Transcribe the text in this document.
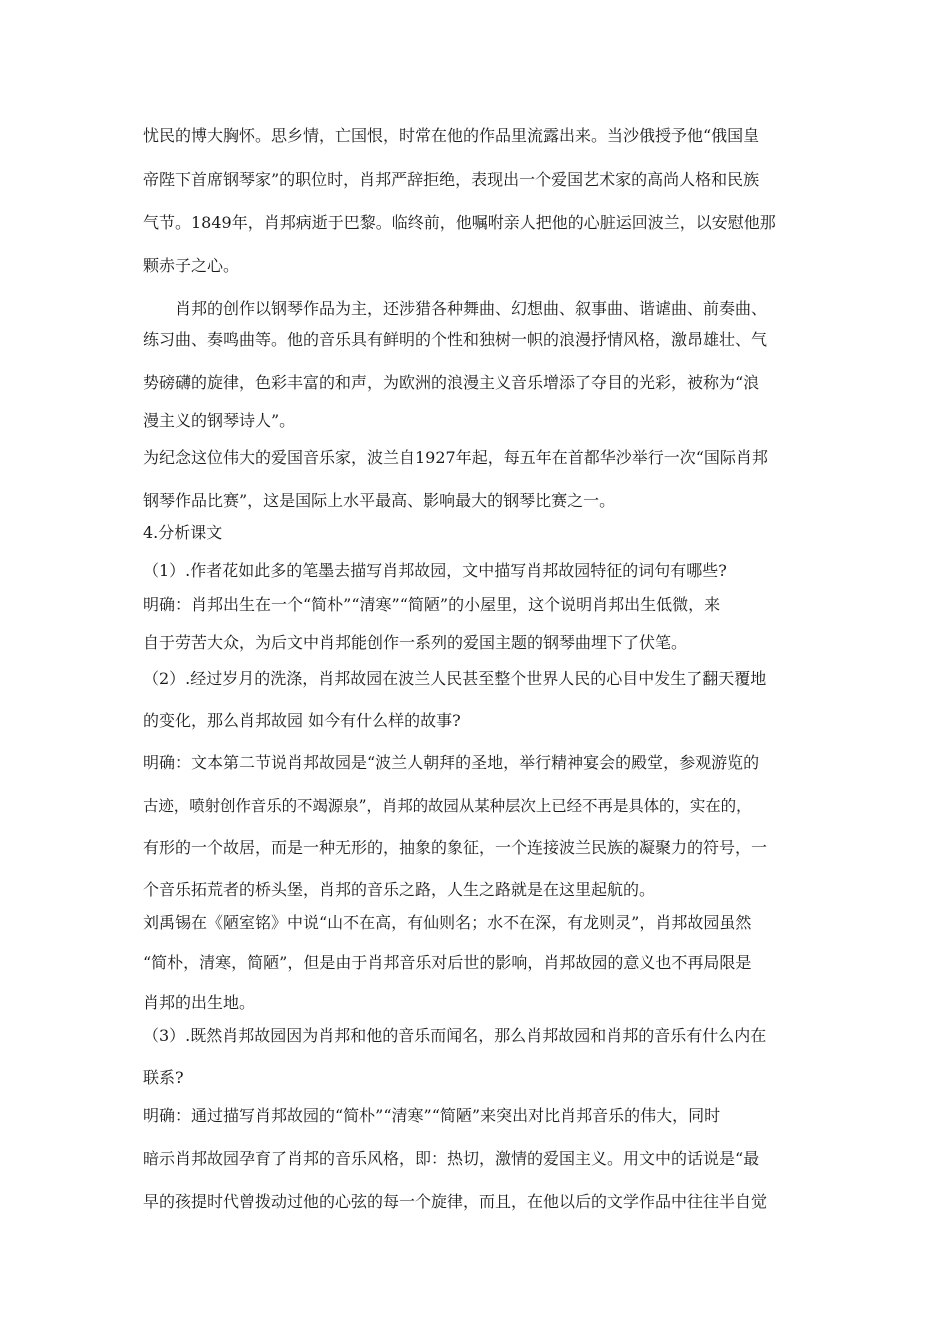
忧民的博大胸怀。思乡情，亡国恨，时常在他的作品里流露出来。当沙俄授予他“俄国皇
帝陛下首席钢琴家”的职位时，肖邦严辞拒绝，表现出一个爱国艺术家的高尚人格和民族
气节。1849年，肖邦病逝于巴黎。临终前，他嘱咐亲人把他的心脏运回波兰，以安慰他那
颗赤子之心。
肖邦的创作以钢琴作品为主，还涉猎各种舞曲、幻想曲、叙事曲、谐谑曲、前奏曲、
练习曲、奏鸣曲等。他的音乐具有鲜明的个性和独树一帜的浪漫抒情风格，激昂雄壮、气
势磅礴的旋律，色彩丰富的和声，为欧洲的浪漫主义音乐增添了夺目的光彩，被称为“浪
漫主义的钢琴诗人”。
为纪念这位伟大的爱国音乐家，波兰自1927年起，每五年在首都华沙举行一次“国际肖邦
钢琴作品比赛”，这是国际上水平最高、影响最大的钢琴比赛之一。
4.分析课文
（1）.作者花如此多的笔墨去描写肖邦故园，文中描写肖邦故园特征的词句有哪些?
明确：肖邦出生在一个“简朴”“清寒”“简陋”的小屋里，这个说明肖邦出生低微，来
自于劳苦大众，为后文中肖邦能创作一系列的爱国主题的钢琴曲埋下了伏笔。
（2）.经过岁月的洗涤，肖邦故园在波兰人民甚至整个世界人民的心目中发生了翻天覆地
的变化，那么肖邦故园 如今有什么样的故事?
明确：文本第二节说肖邦故园是“波兰人朝拜的圣地，举行精神宴会的殿堂，参观游览的
古迹，喷射创作音乐的不竭源泉”，肖邦的故园从某种层次上已经不再是具体的，实在的，
有形的一个故居，而是一种无形的，抽象的象征，一个连接波兰民族的凝聚力的符号，一
个音乐拓荒者的桥头堡，肖邦的音乐之路，人生之路就是在这里起航的。
刘禹锡在《陋室铭》中说“山不在高，有仙则名；水不在深，有龙则灵”，肖邦故园虽然
“简朴，清寒，简陋”，但是由于肖邦音乐对后世的影响，肖邦故园的意义也不再局限是
肖邦的出生地。
（3）.既然肖邦故园因为肖邦和他的音乐而闻名，那么肖邦故园和肖邦的音乐有什么内在
联系?
明确：通过描写肖邦故园的“简朴”“清寒”“简陋”来突出对比肖邦音乐的伟大，同时
暗示肖邦故园孕育了肖邦的音乐风格，即：热切，激情的爱国主义。用文中的话说是“最
早的孩提时代曾拨动过他的心弦的每一个旋律，而且，在他以后的文学作品中往往半自觉
